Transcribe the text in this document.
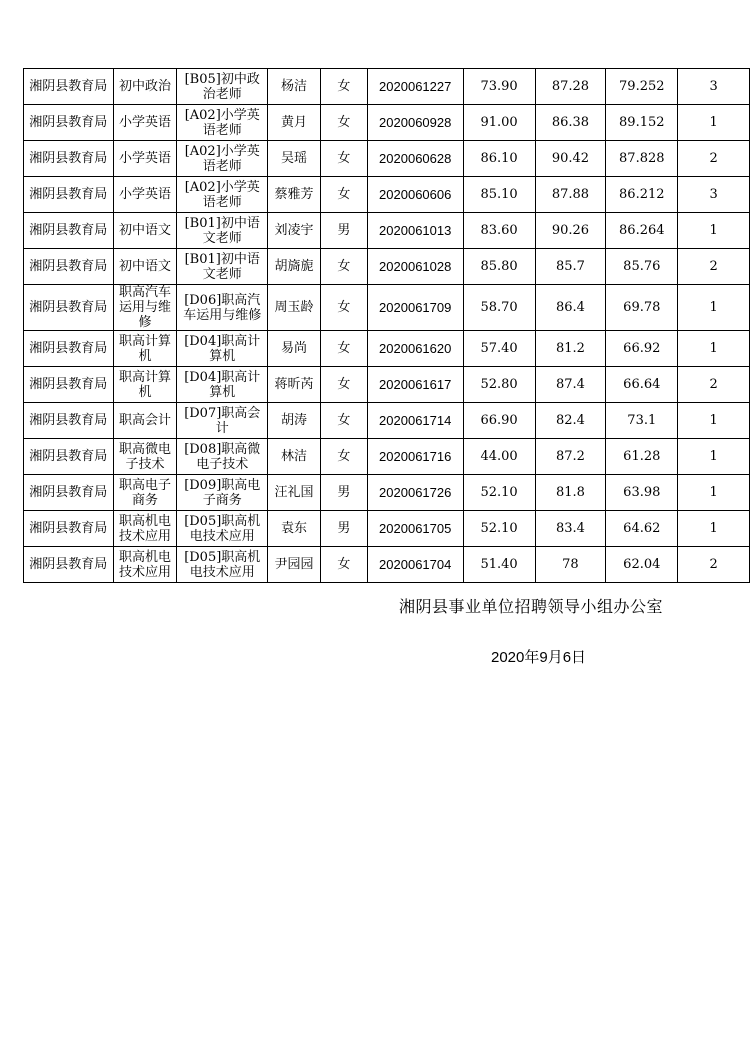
湘阴县教育局	初中政治	[B05]初中政治老师	杨洁	女	2020061227	73.90	87.28	79.252	3
湘阴县教育局	小学英语	[A02]小学英语老师	黄月	女	2020060928	91.00	86.38	89.152	1
湘阴县教育局	小学英语	[A02]小学英语老师	吴瑶	女	2020060628	86.10	90.42	87.828	2
湘阴县教育局	小学英语	[A02]小学英语老师	蔡雅芳	女	2020060606	85.10	87.88	86.212	3
湘阴县教育局	初中语文	[B01]初中语文老师	刘凌宇	男	2020061013	83.60	90.26	86.264	1
湘阴县教育局	初中语文	[B01]初中语文老师	胡旖旎	女	2020061028	85.80	85.7	85.76	2
湘阴县教育局	职高汽车运用与维修	[D06]职高汽车运用与维修	周玉龄	女	2020061709	58.70	86.4	69.78	1
湘阴县教育局	职高计算机	[D04]职高计算机	易尚	女	2020061620	57.40	81.2	66.92	1
湘阴县教育局	职高计算机	[D04]职高计算机	蒋昕芮	女	2020061617	52.80	87.4	66.64	2
湘阴县教育局	职高会计	[D07]职高会计	胡涛	女	2020061714	66.90	82.4	73.1	1
湘阴县教育局	职高微电子技术	[D08]职高微电子技术	林洁	女	2020061716	44.00	87.2	61.28	1
湘阴县教育局	职高电子商务	[D09]职高电子商务	汪礼国	男	2020061726	52.10	81.8	63.98	1
湘阴县教育局	职高机电技术应用	[D05]职高机电技术应用	袁东	男	2020061705	52.10	83.4	64.62	1
湘阴县教育局	职高机电技术应用	[D05]职高机电技术应用	尹园园	女	2020061704	51.40	78	62.04	2
湘阴县事业单位招聘领导小组办公室
2020年9月6日
